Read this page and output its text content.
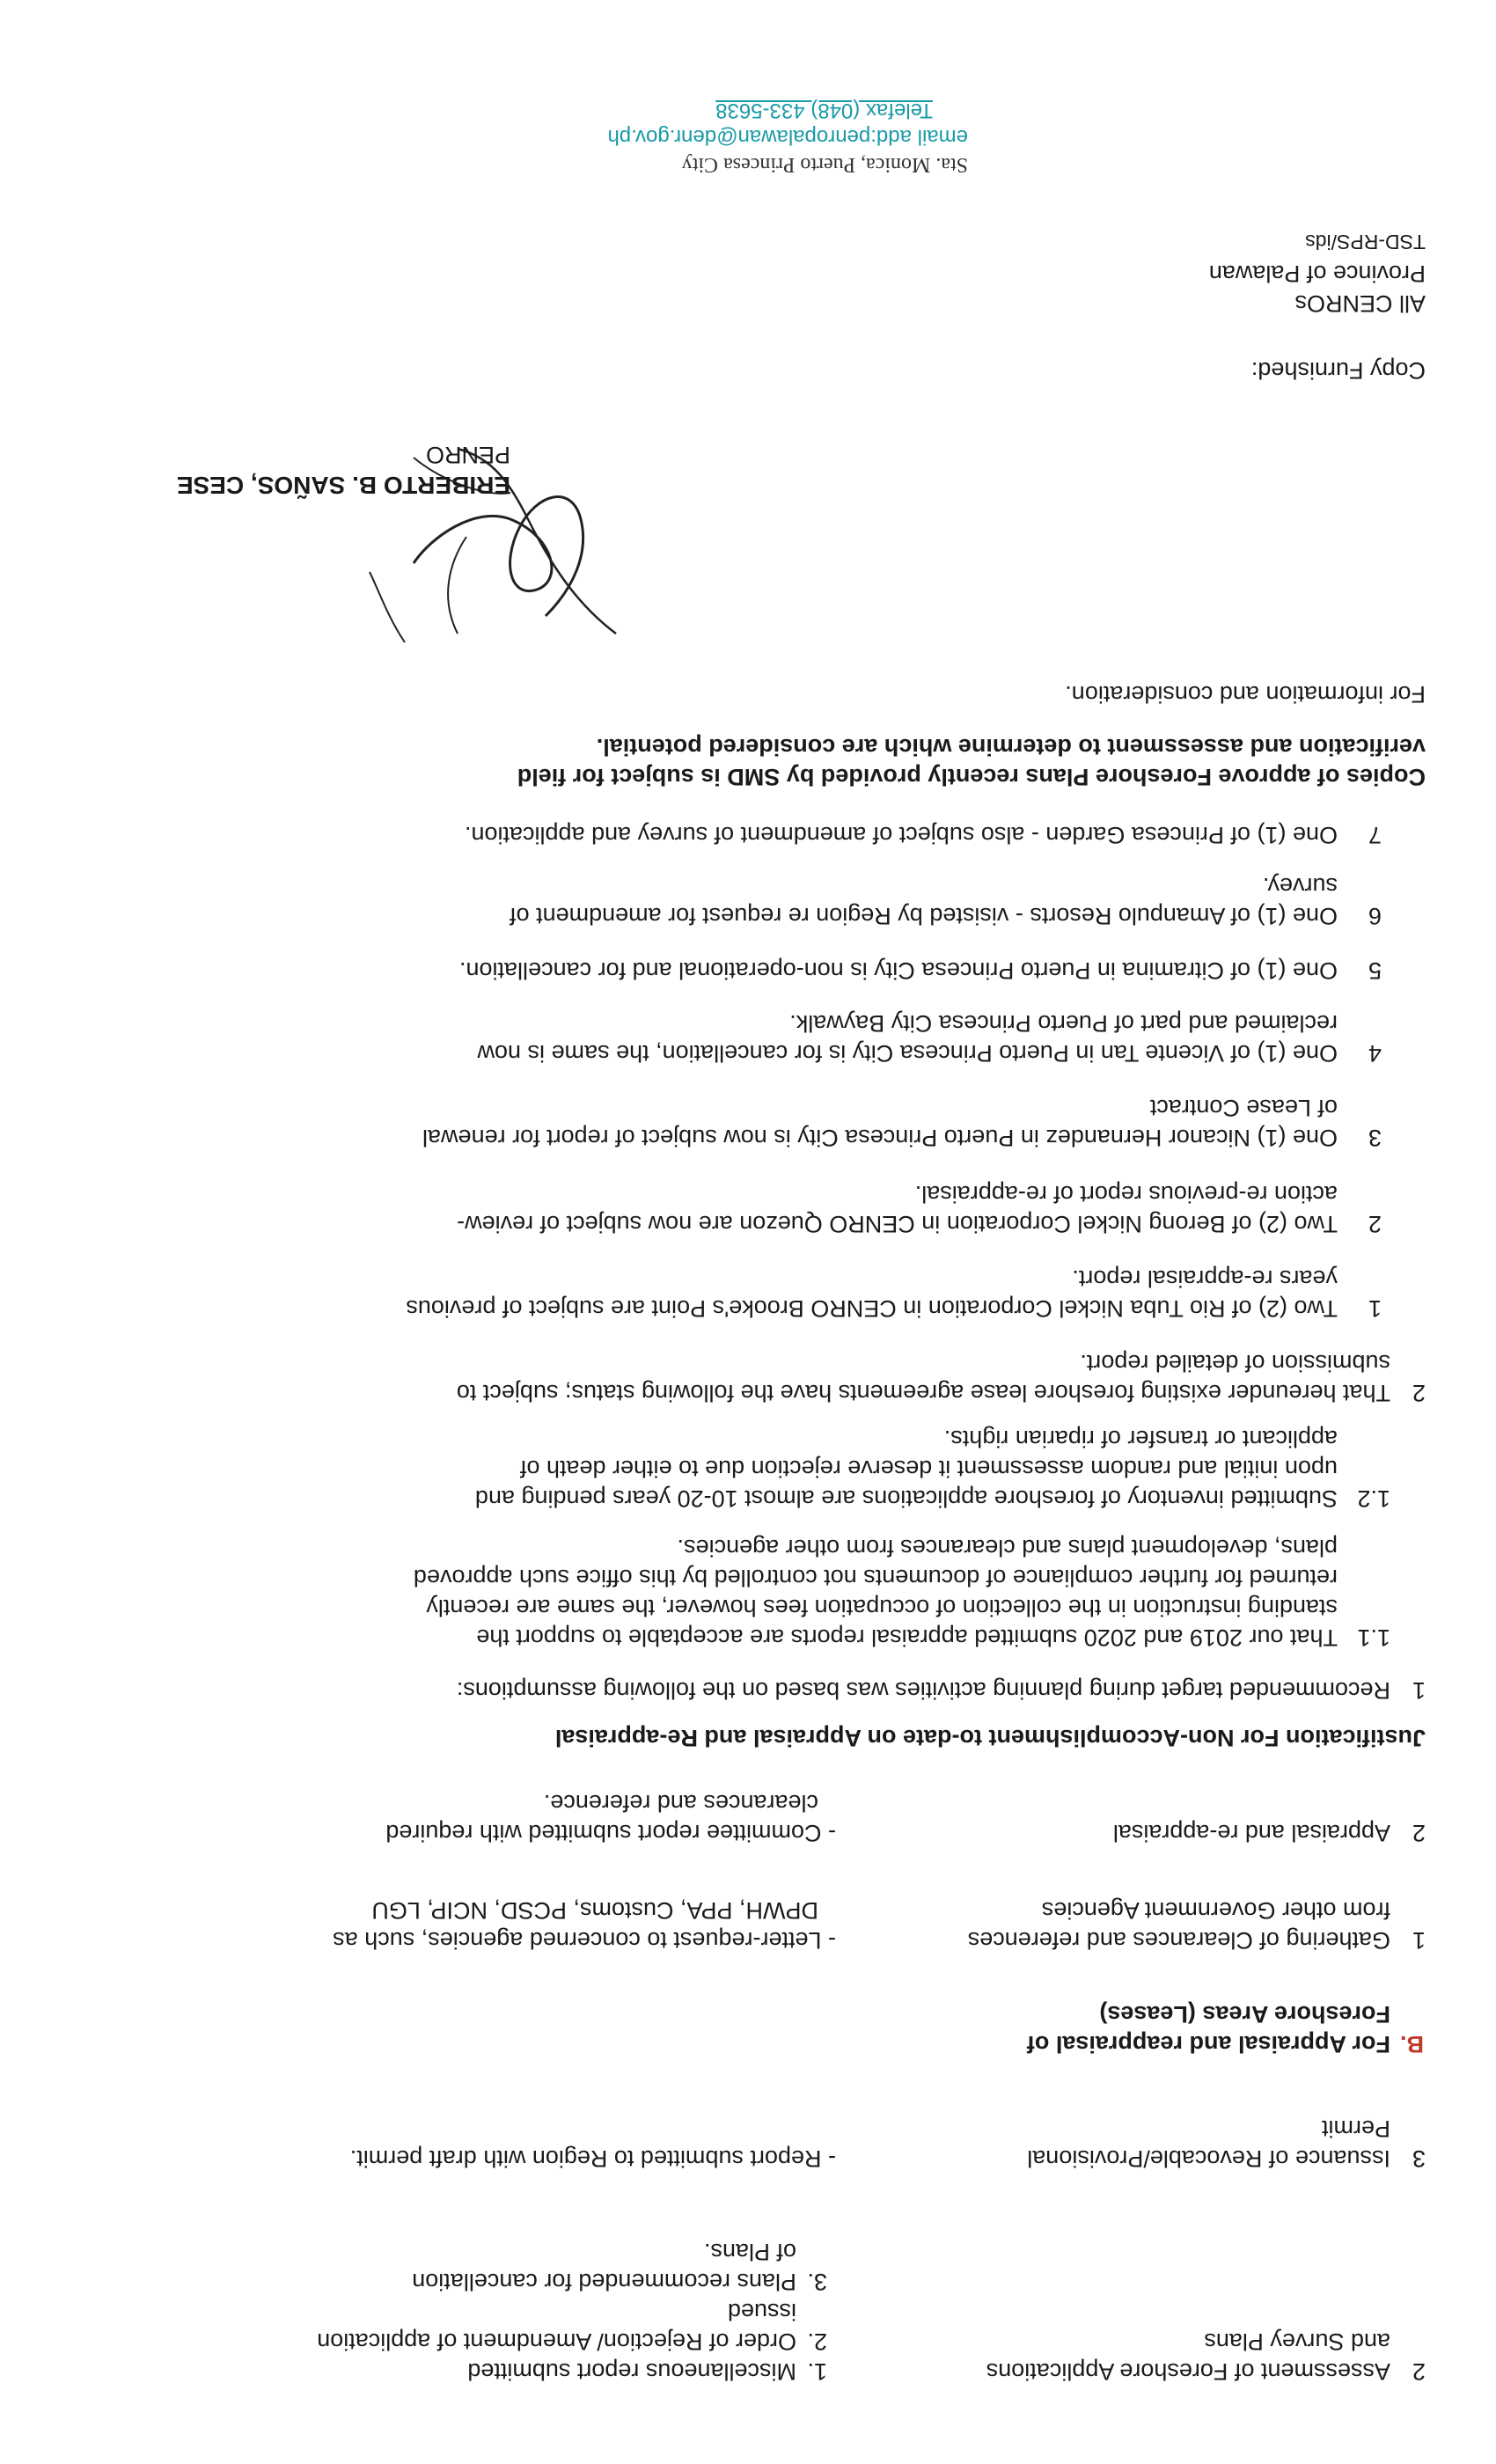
2
Assessment of Foreshore Applications
and Survey Plans
1.
Miscellaneous report submitted
2.
Order of Rejection/ Amendment of application
issued
3.
Plans recommended for cancellation
of Plans.
3
Issuance of Revocable/Provisional
Permit
- Report submitted to Region with draft permit.
B.
For Appraisal and reappraisal of
Foreshore Areas (Leases)
1
Gathering of Clearances and references
from other Government Agencies
- Letter-request to concerned agencies, such as
DPWH, PPA, Customs, PCSD, NCIP, LGU
2
Appraisal and re-appraisal
- Committee report submitted with required
clearances and reference.
Justification For Non-Accomplishment to-date on Appraisal and Re-appraisal
1
Recommended target during planning activities was based on the following assumptions:
1.1
That our 2019 and 2020 submitted appraisal reports are acceptable to support the
standing instruction in the collection of occupation fees however, the same are recently
returned for further compliance of documents not controlled by this office such approved
plans, development plans and clearances from other agencies.
1.2
Submitted inventory of foreshore applications are almost 10-20 years pending and
upon initial and random assessment it deserve rejection due to either death of
applicant or transfer of riparian rights.
2
That hereunder existing foreshore lease agreements have the following status; subject to
submission of detailed report.
1
Two (2) of Rio Tuba Nickel Corporation in CENRO Brooke's Point are subject of previous
years re-appraisal report.
2
Two (2) of Berong Nickel Corporation in CENRO Quezon are now subject of review-
action re-previous report of re-appraisal.
3
One (1) Nicanor Hernandez in Puerto Princesa City is now subject of report for renewal
of Lease Contract
4
One (1) of Vicente Tan in Puerto Princesa City is for cancellation, the same is now
reclaimed and part of Puerto Princesa City Baywalk.
5
One (1) of Citramina in Puerto Princesa City is non-operational and for cancellation.
6
One (1) of Amanpulo Resorts - visisted by Region re request for amendment of
survey.
7
One (1) of Princesa Garden - also subject of amendment of survey and application.
Copies of approve Foreshore Plans recently provided by SMD is subject for field
verification and assessment to determine which are considered potential.
For information and consideration.
ERIBERTO B. SAÑOS, CESE
PENRO
Copy Furnished:
All CENROs
Province of Palawan
TSD-RPS/ids
Sta. Monica, Puerto Princesa City
email add:penropalawan@denr.gov.ph
Telefax (048) 433-5638
